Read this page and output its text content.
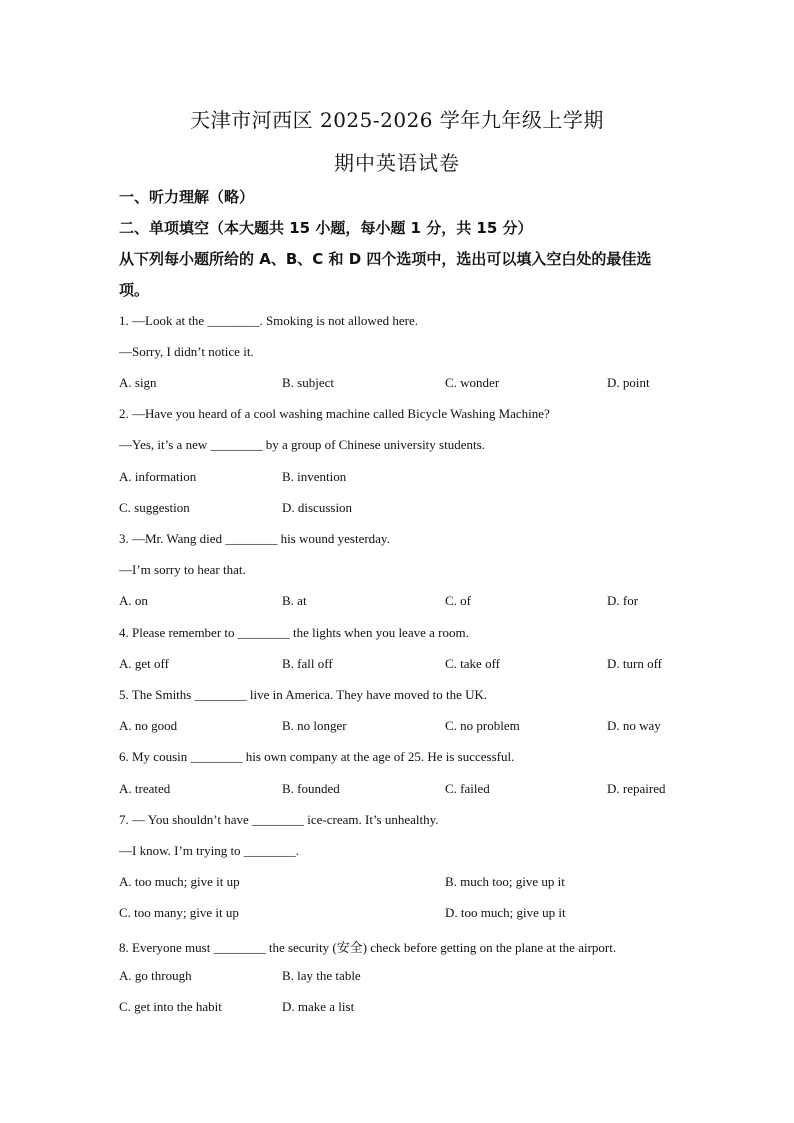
天津市河西区 2025-2026 学年九年级上学期
期中英语试卷
一、听力理解（略）
二、单项填空（本大题共 15 小题，每小题 1 分，共 15 分）
从下列每小题所给的 A、B、C 和 D 四个选项中，选出可以填入空白处的最佳选
项。
1. —Look at the ________. Smoking is not allowed here.
—Sorry, I didn’t notice it.
A. sign	B. subject	C. wonder	D. point
2. —Have you heard of a cool washing machine called Bicycle Washing Machine?
—Yes, it’s a new ________ by a group of Chinese university students.
A. information	B. invention
C. suggestion	D. discussion
3. —Mr. Wang died ________ his wound yesterday.
—I’m sorry to hear that.
A. on	B. at	C. of	D. for
4. Please remember to ________ the lights when you leave a room.
A. get off	B. fall off	C. take off	D. turn off
5. The Smiths ________ live in America. They have moved to the UK.
A. no good	B. no longer	C. no problem	D. no way
6. My cousin ________ his own company at the age of 25. He is successful.
A. treated	B. founded	C. failed	D. repaired
7. — You shouldn’t have ________ ice-cream. It’s unhealthy.
—I know. I’m trying to ________.
A. too much; give it up	B. much too; give up it
C. too many; give it up	D. too much; give up it
8. Everyone must ________ the security (安全) check before getting on the plane at the airport.
A. go through	B. lay the table
C. get into the habit	D. make a list
